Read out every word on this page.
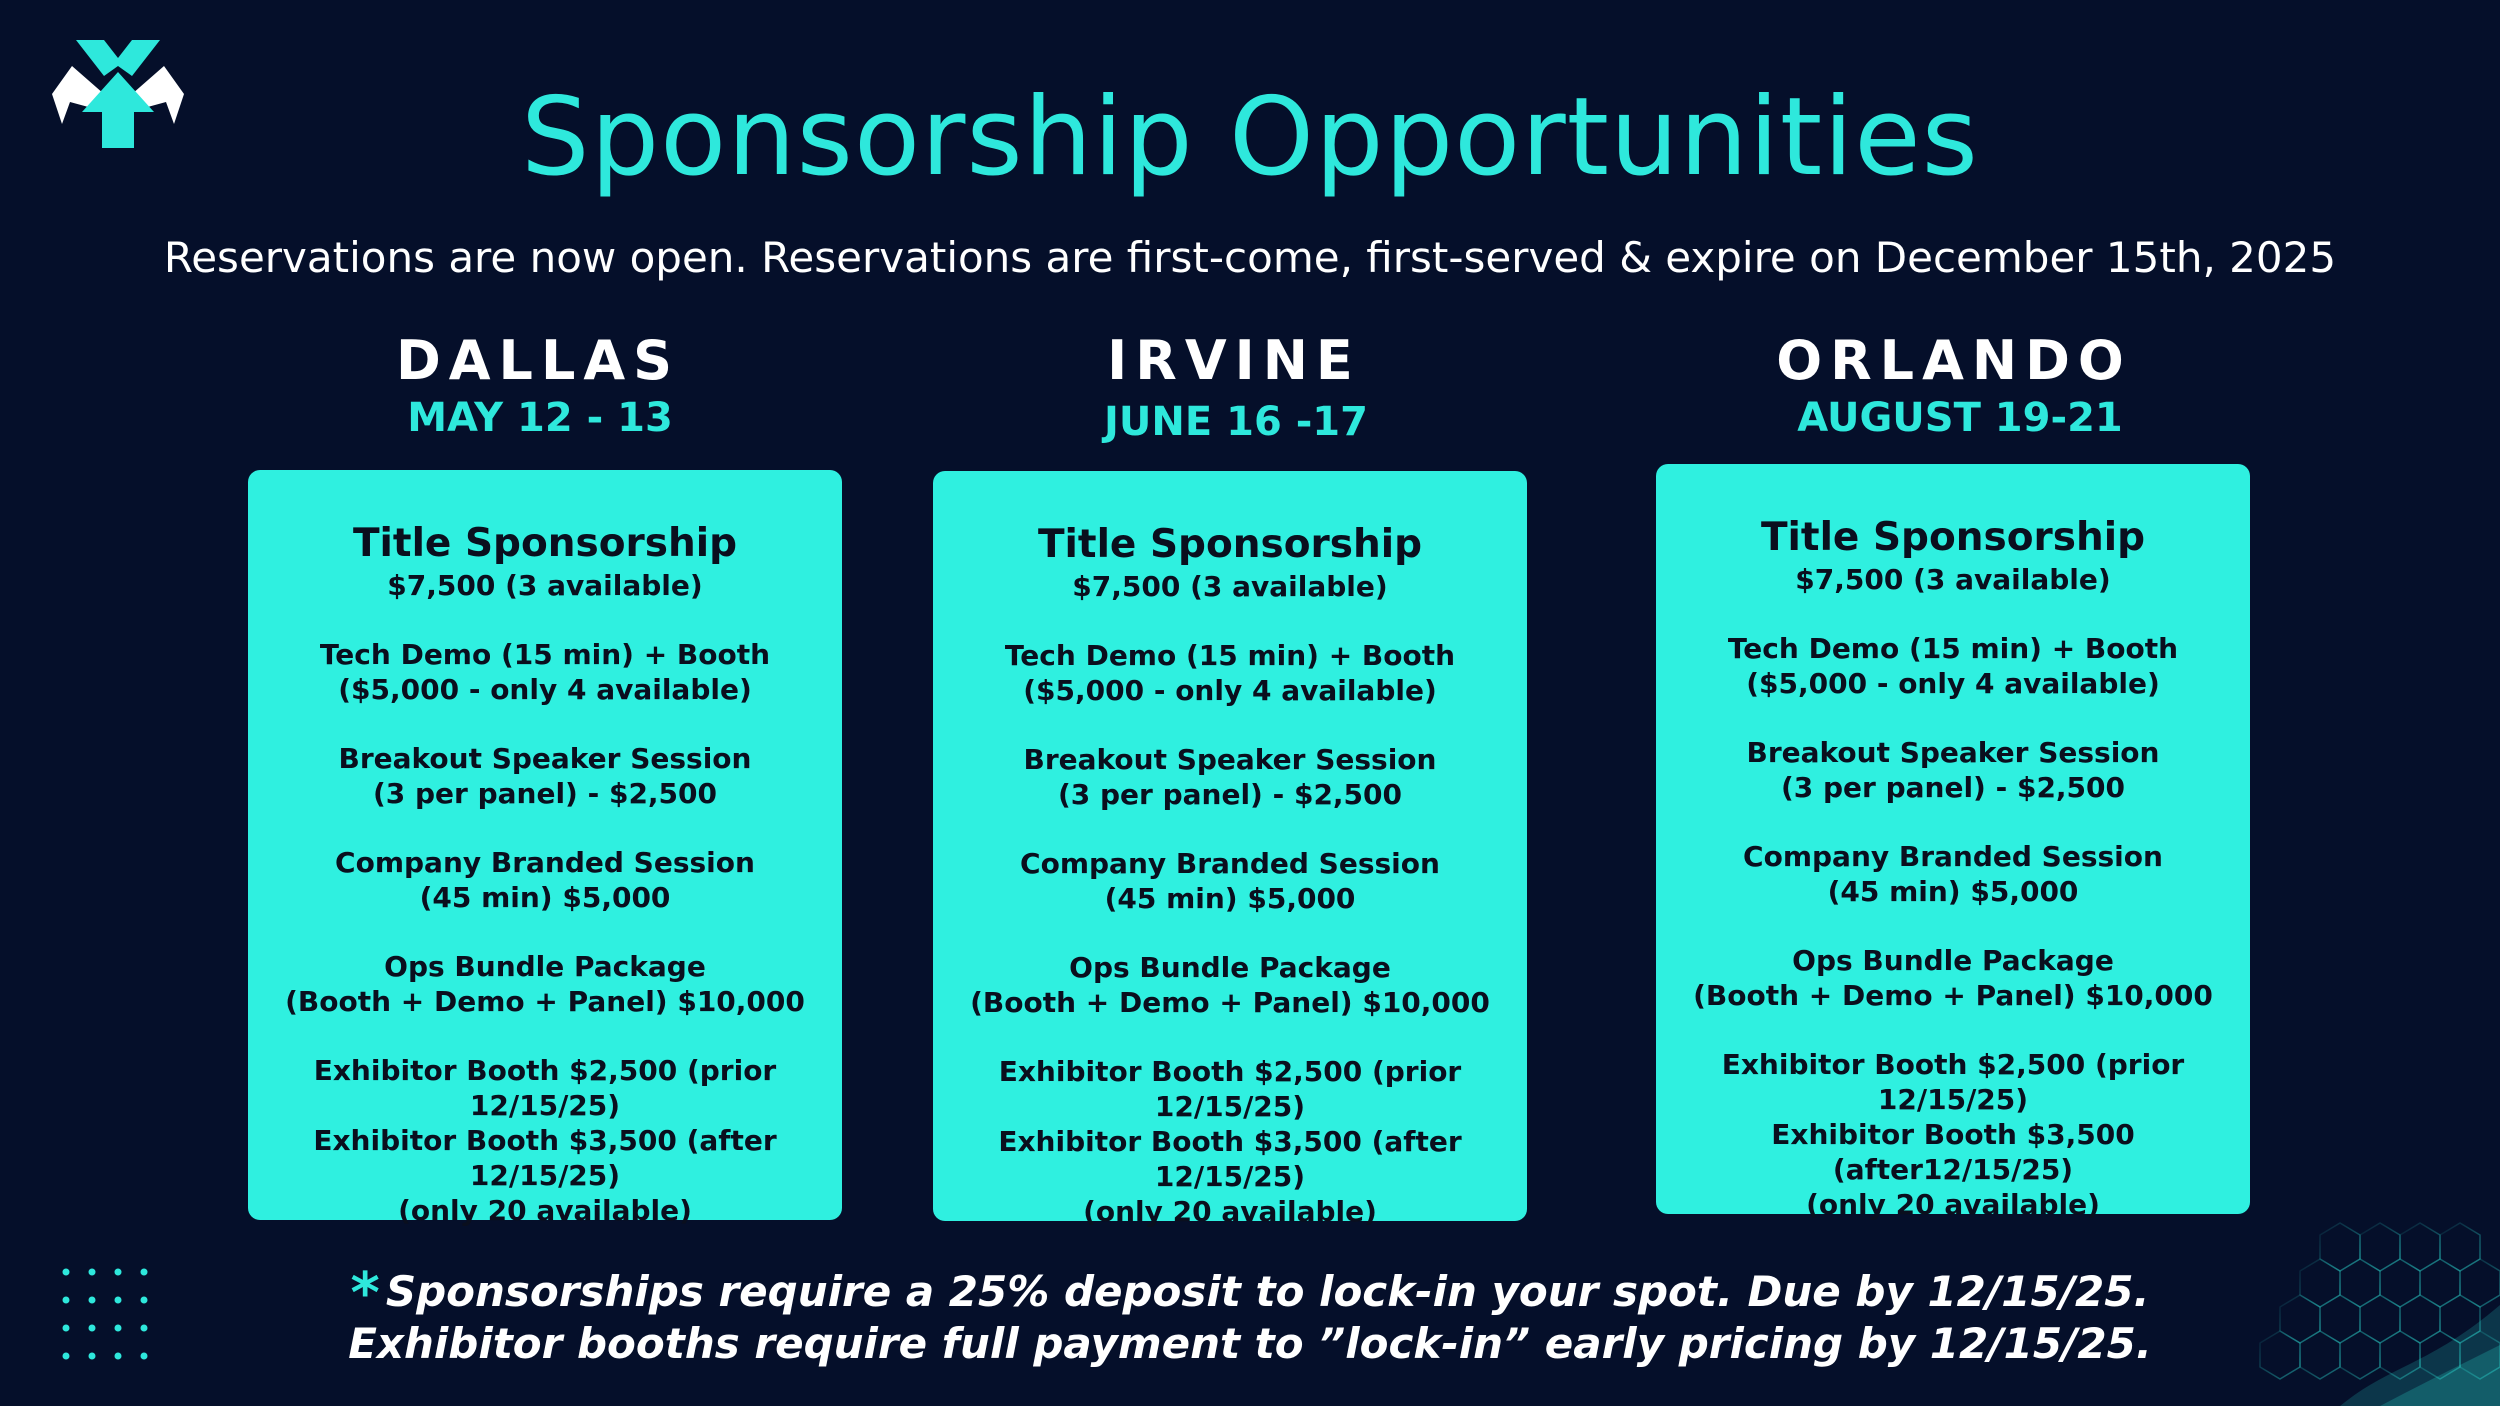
Sponsorship Opportunities
Reservations are now open. Reservations are first-come, first-served & expire on December 15th, 2025
DALLAS
MAY 12 - 13
Title Sponsorship
$7,500 (3 available)
Tech Demo (15 min) + Booth
($5,000 - only 4 available)
Breakout Speaker Session
(3 per panel) - $2,500
Company Branded Session
(45 min) $5,000
Ops Bundle Package
(Booth + Demo + Panel) $10,000
Exhibitor Booth $2,500 (prior 12/15/25)
Exhibitor Booth $3,500 (after 12/15/25)
(only 20 available)
IRVINE
JUNE 16 -17
Title Sponsorship
$7,500 (3 available)
Tech Demo (15 min) + Booth
($5,000 - only 4 available)
Breakout Speaker Session
(3 per panel) - $2,500
Company Branded Session
(45 min) $5,000
Ops Bundle Package
(Booth + Demo + Panel) $10,000
Exhibitor Booth $2,500 (prior 12/15/25)
Exhibitor Booth $3,500 (after 12/15/25)
(only 20 available)
ORLANDO
AUGUST 19-21
Title Sponsorship
$7,500 (3 available)
Tech Demo (15 min) + Booth
($5,000 - only 4 available)
Breakout Speaker Session
(3 per panel) - $2,500
Company Branded Session
(45 min) $5,000
Ops Bundle Package
(Booth + Demo + Panel) $10,000
Exhibitor Booth $2,500 (prior 12/15/25)
Exhibitor Booth $3,500 (after12/15/25)
(only 20 available)
* Sponsorships require a 25% deposit to lock-in your spot. Due by 12/15/25.
Exhibitor booths require full payment to ”lock-in” early pricing by 12/15/25.
